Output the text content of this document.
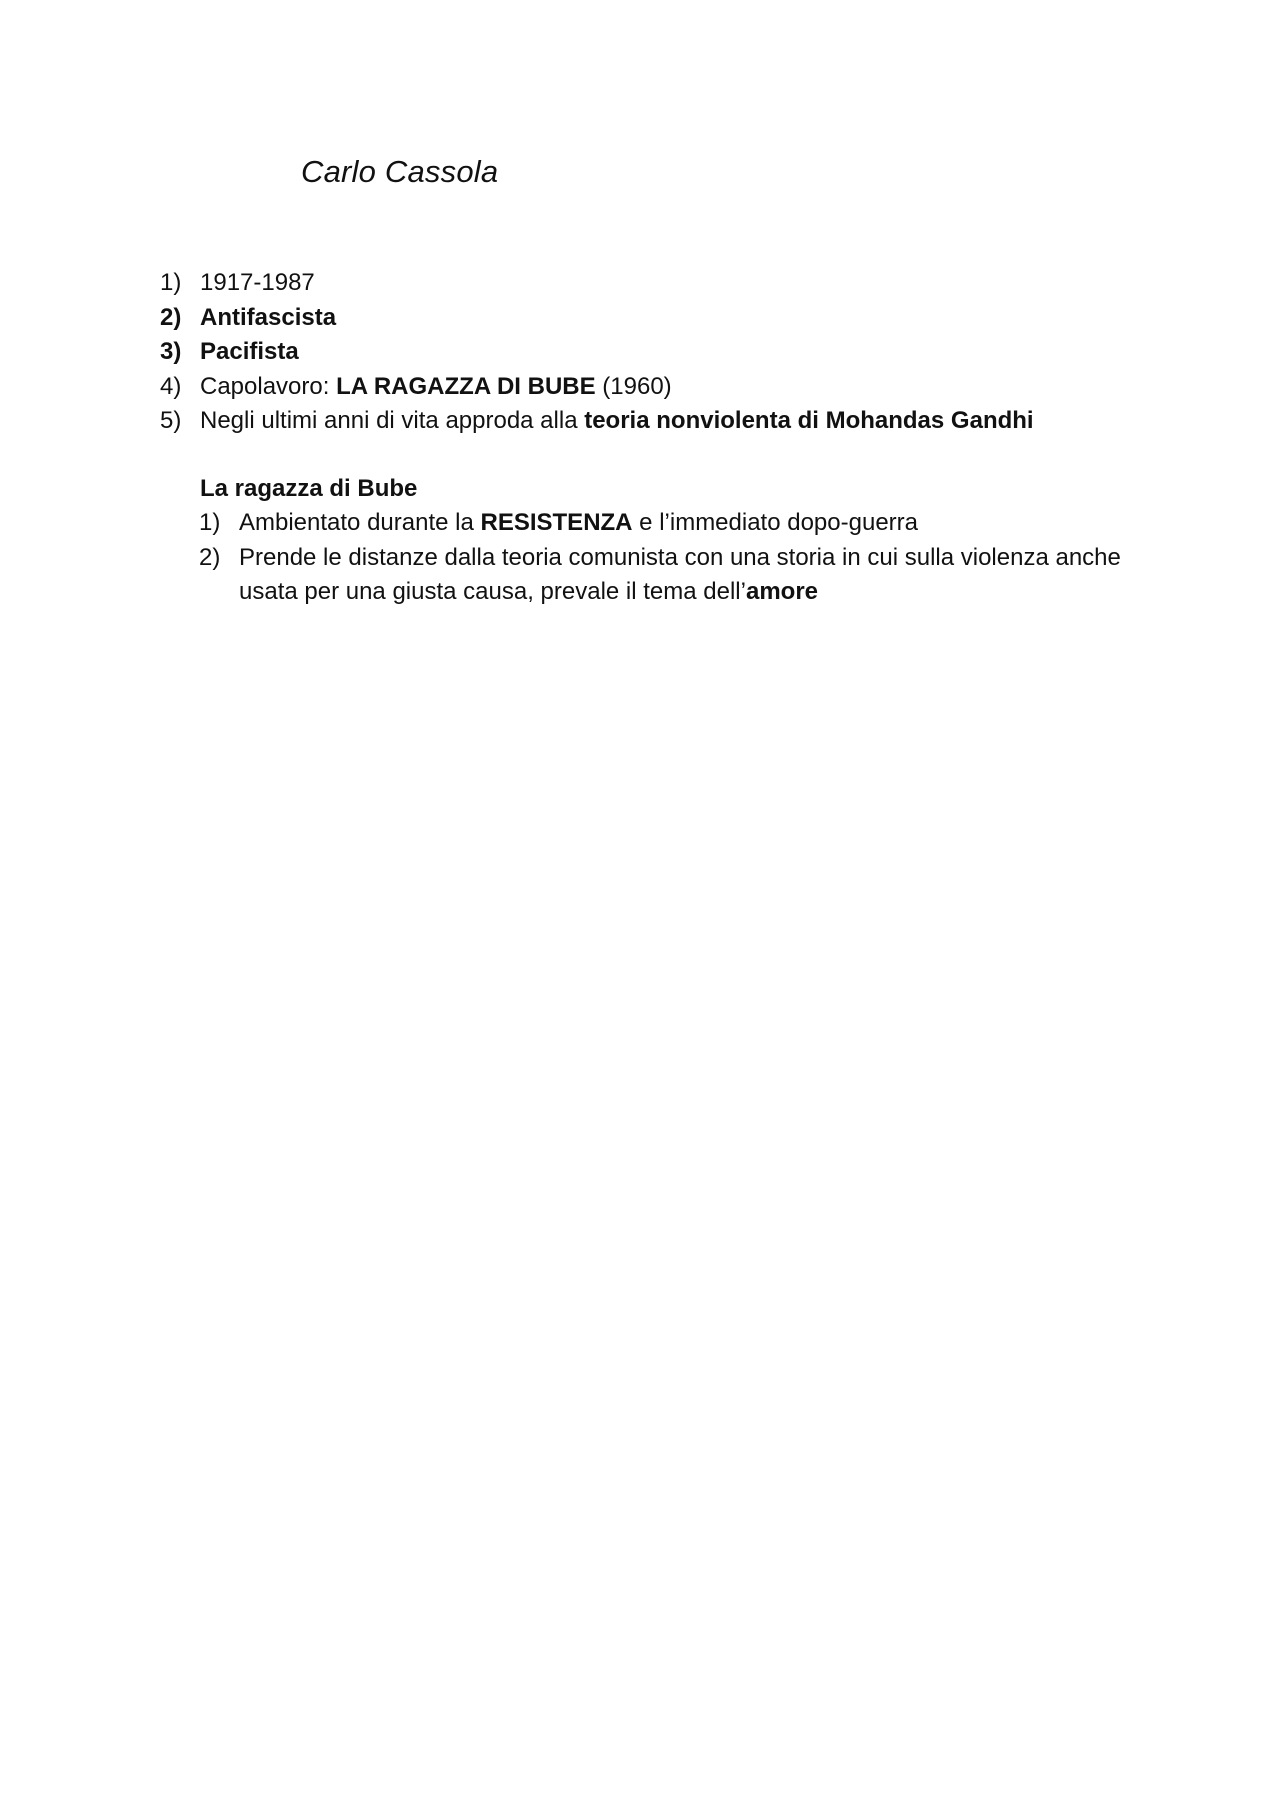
Carlo Cassola
1) 1917-1987
2) Antifascista
3) Pacifista
4) Capolavoro: LA RAGAZZA DI BUBE (1960)
5) Negli ultimi anni di vita approda alla teoria nonviolenta di Mohandas Gandhi
La ragazza di Bube
1) Ambientato durante la RESISTENZA e l’immediato dopo-guerra
2) Prende le distanze dalla teoria comunista con una storia in cui sulla violenza anche
usata per una giusta causa, prevale il tema dell’amore
